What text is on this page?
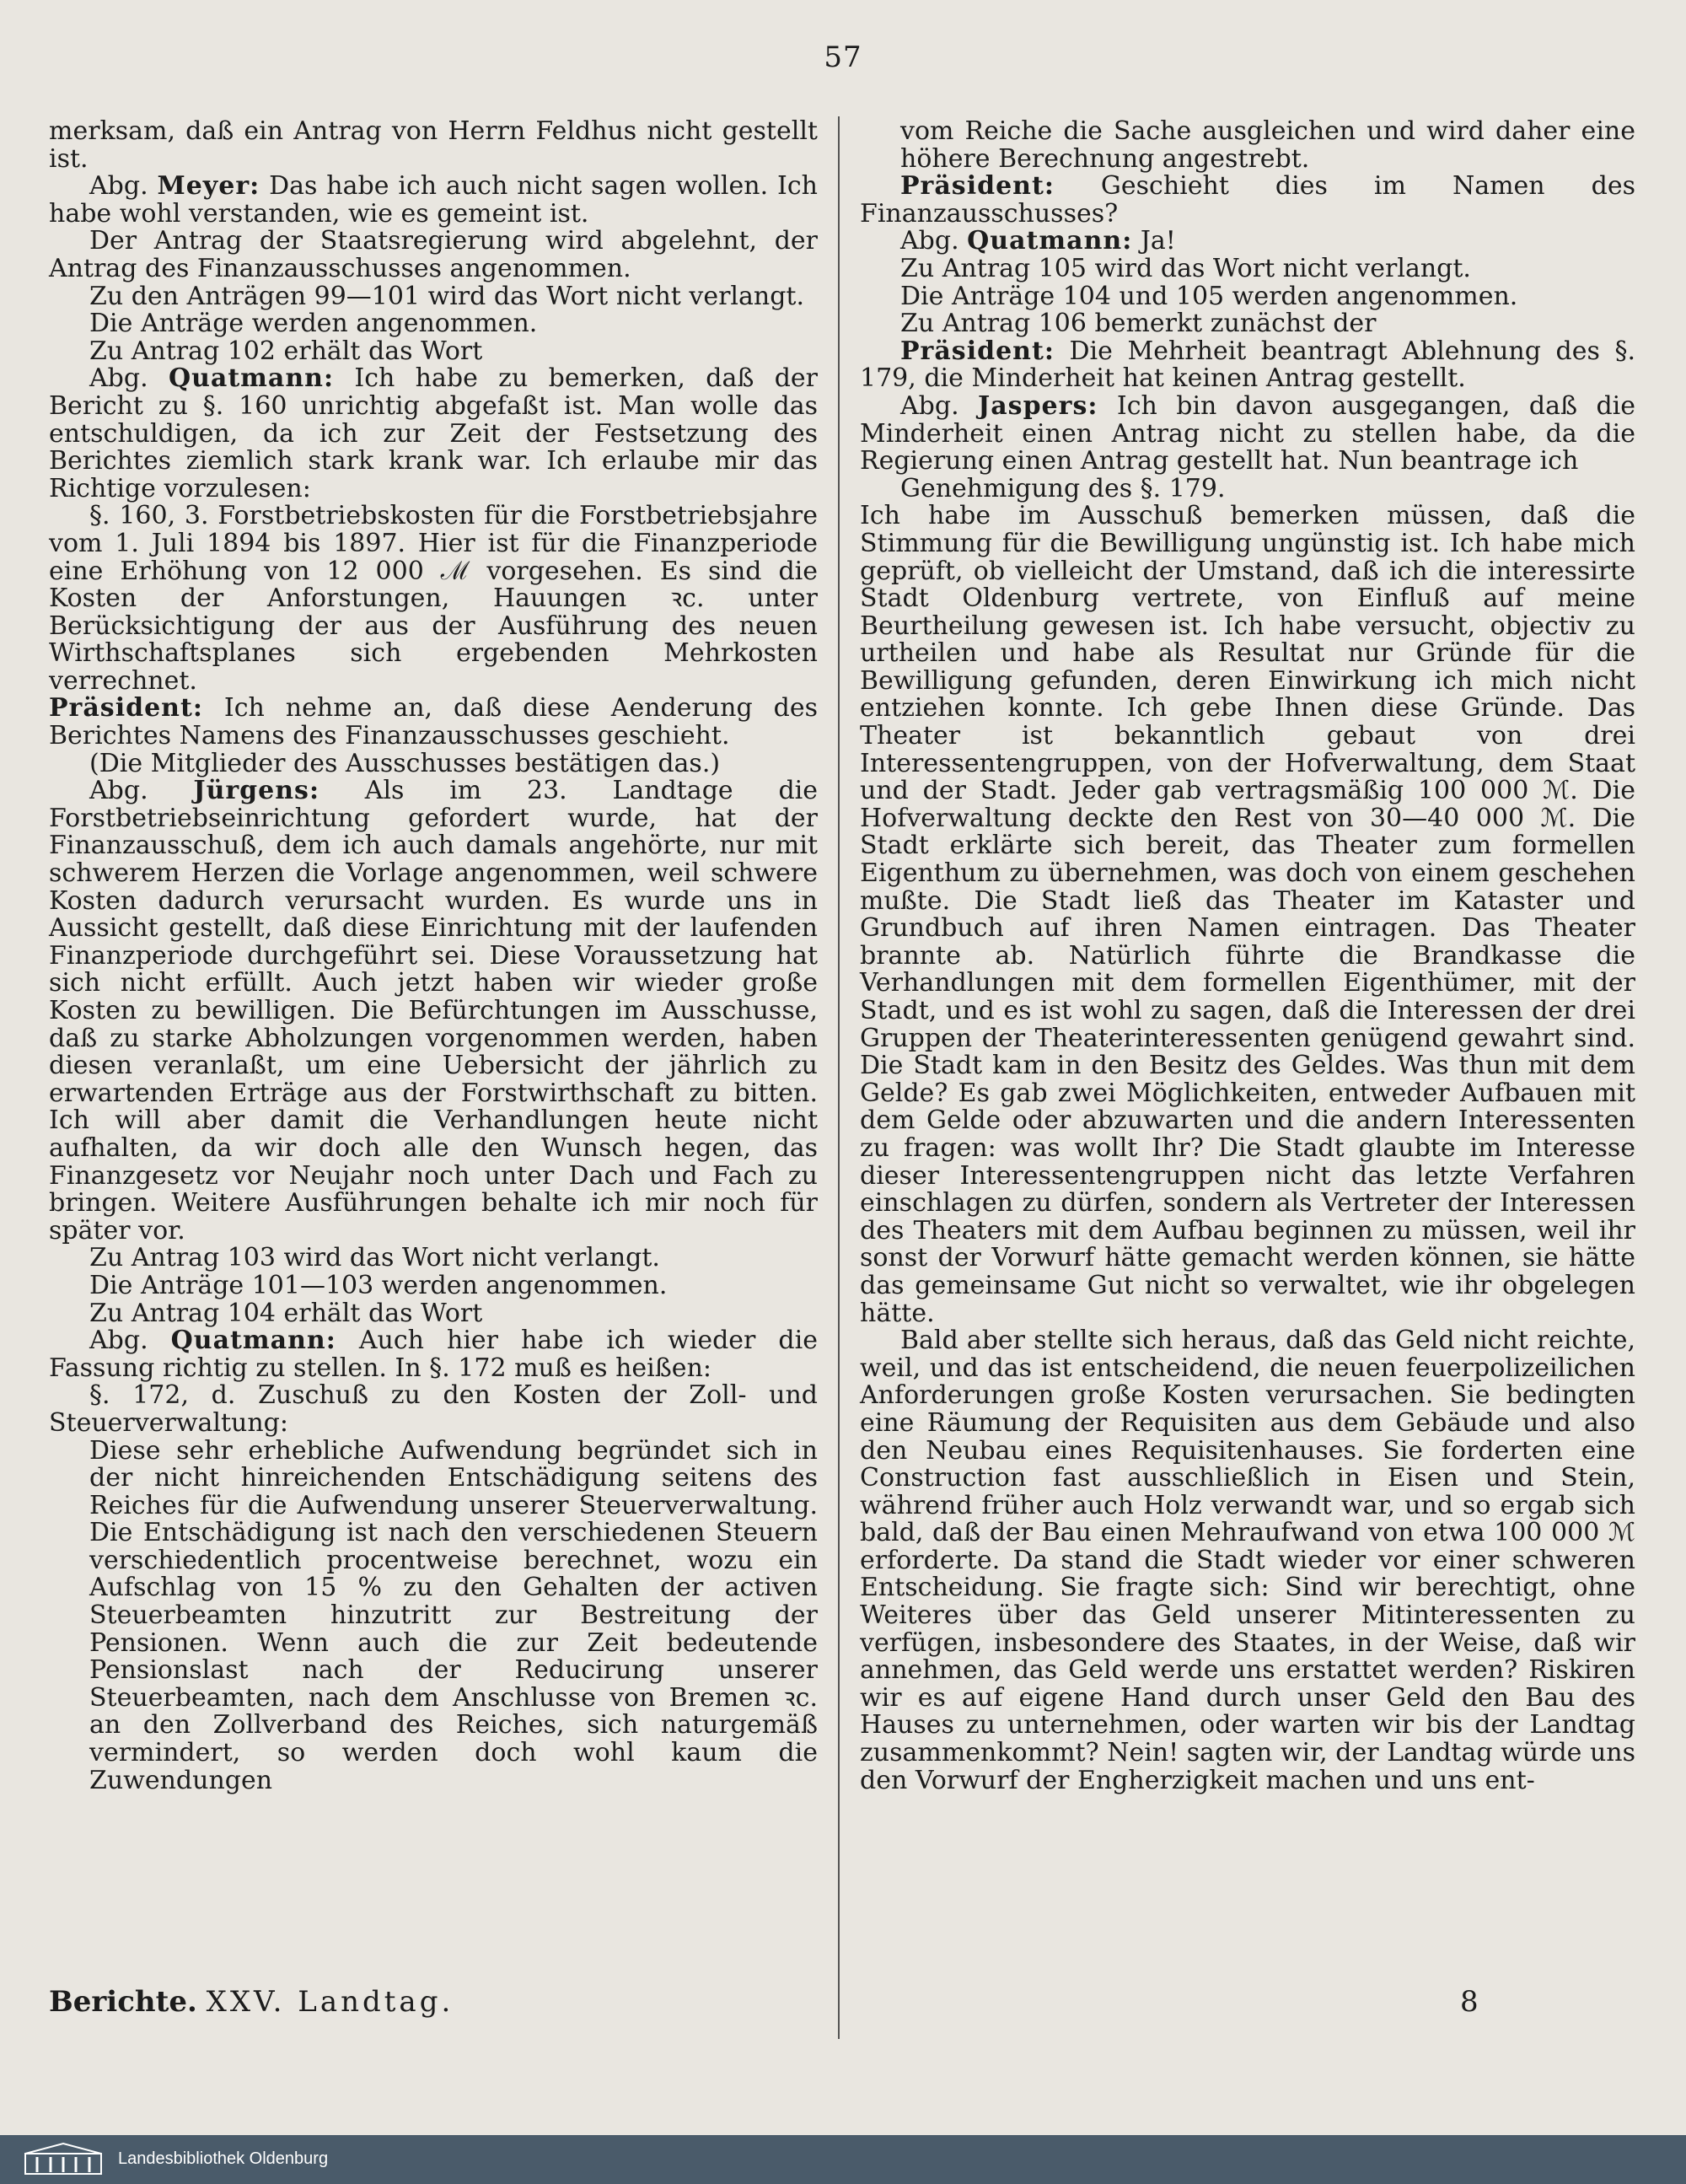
57

merksam, daß ein Antrag von Herrn Feldhus nicht gestellt ist.

Abg. Meyer: Das habe ich auch nicht sagen wollen. Ich habe wohl verstanden, wie es gemeint ist.

Der Antrag der Staatsregierung wird abgelehnt, der Antrag des Finanzausschusses angenommen.

Zu den Anträgen 99—101 wird das Wort nicht verlangt.

Die Anträge werden angenommen.

Zu Antrag 102 erhält das Wort

Abg. Quatmann: Ich habe zu bemerken, daß der Bericht zu §. 160 unrichtig abgefaßt ist. Man wolle das entschuldigen, da ich zur Zeit der Festsetzung des Berichtes ziemlich stark krank war. Ich erlaube mir das Richtige vorzulesen:

§. 160, 3. Forstbetriebskosten für die Forstbetriebsjahre vom 1. Juli 1894 bis 1897. Hier ist für die Finanzperiode eine Erhöhung von 12 000 ℳ vorgesehen. Es sind die Kosten der Anforstungen, Hauungen ꝛc. unter Berücksichtigung der aus der Ausführung des neuen Wirthschaftsplanes sich ergebenden Mehrkosten verrechnet.

Präsident: Ich nehme an, daß diese Aenderung des Berichtes Namens des Finanzausschusses geschieht.

(Die Mitglieder des Ausschusses bestätigen das.)

Abg. Jürgens: Als im 23. Landtage die Forstbetriebseinrichtung gefordert wurde, hat der Finanzausschuß, dem ich auch damals angehörte, nur mit schwerem Herzen die Vorlage angenommen, weil schwere Kosten dadurch verursacht wurden. Es wurde uns in Aussicht gestellt, daß diese Einrichtung mit der laufenden Finanzperiode durchgeführt sei. Diese Voraussetzung hat sich nicht erfüllt. Auch jetzt haben wir wieder große Kosten zu bewilligen. Die Befürchtungen im Ausschusse, daß zu starke Abholzungen vorgenommen werden, haben diesen veranlaßt, um eine Uebersicht der jährlich zu erwartenden Erträge aus der Forstwirthschaft zu bitten. Ich will aber damit die Verhandlungen heute nicht aufhalten, da wir doch alle den Wunsch hegen, das Finanzgesetz vor Neujahr noch unter Dach und Fach zu bringen. Weitere Ausführungen behalte ich mir noch für später vor.

Zu Antrag 103 wird das Wort nicht verlangt.

Die Anträge 101—103 werden angenommen.

Zu Antrag 104 erhält das Wort

Abg. Quatmann: Auch hier habe ich wieder die Fassung richtig zu stellen. In §. 172 muß es heißen:

§. 172, d. Zuschuß zu den Kosten der Zoll- und Steuerverwaltung:

Diese sehr erhebliche Aufwendung begründet sich in der nicht hinreichenden Entschädigung seitens des Reiches für die Aufwendung unserer Steuerverwaltung. Die Entschädigung ist nach den verschiedenen Steuern verschiedentlich procentweise berechnet, wozu ein Aufschlag von 15 % zu den Gehalten der activen Steuerbeamten hinzutritt zur Bestreitung der Pensionen. Wenn auch die zur Zeit bedeutende Pensionslast nach der Reducirung unserer Steuerbeamten, nach dem Anschlusse von Bremen ꝛc. an den Zollverband des Reiches, sich naturgemäß vermindert, so werden doch wohl kaum die Zuwendungen

vom Reiche die Sache ausgleichen und wird daher eine höhere Berechnung angestrebt.

Präsident: Geschieht dies im Namen des Finanzausschusses?

Abg. Quatmann: Ja!

Zu Antrag 105 wird das Wort nicht verlangt.

Die Anträge 104 und 105 werden angenommen.

Zu Antrag 106 bemerkt zunächst der

Präsident: Die Mehrheit beantragt Ablehnung des §. 179, die Minderheit hat keinen Antrag gestellt.

Abg. Jaspers: Ich bin davon ausgegangen, daß die Minderheit einen Antrag nicht zu stellen habe, da die Regierung einen Antrag gestellt hat. Nun beantrage ich

Genehmigung des §. 179.

Ich habe im Ausschuß bemerken müssen, daß die Stimmung für die Bewilligung ungünstig ist. Ich habe mich geprüft, ob vielleicht der Umstand, daß ich die interessirte Stadt Oldenburg vertrete, von Einfluß auf meine Beurtheilung gewesen ist. Ich habe versucht, objectiv zu urtheilen und habe als Resultat nur Gründe für die Bewilligung gefunden, deren Einwirkung ich mich nicht entziehen konnte. Ich gebe Ihnen diese Gründe. Das Theater ist bekanntlich gebaut von drei Interessentengruppen, von der Hofverwaltung, dem Staat und der Stadt. Jeder gab vertragsmäßig 100 000 ℳ. Die Hofverwaltung deckte den Rest von 30—40 000 ℳ. Die Stadt erklärte sich bereit, das Theater zum formellen Eigenthum zu übernehmen, was doch von einem geschehen mußte. Die Stadt ließ das Theater im Kataster und Grundbuch auf ihren Namen eintragen. Das Theater brannte ab. Natürlich führte die Brandkasse die Verhandlungen mit dem formellen Eigenthümer, mit der Stadt, und es ist wohl zu sagen, daß die Interessen der drei Gruppen der Theaterinteressenten genügend gewahrt sind. Die Stadt kam in den Besitz des Geldes. Was thun mit dem Gelde? Es gab zwei Möglichkeiten, entweder Aufbauen mit dem Gelde oder abzuwarten und die andern Interessenten zu fragen: was wollt Ihr? Die Stadt glaubte im Interesse dieser Interessentengruppen nicht das letzte Verfahren einschlagen zu dürfen, sondern als Vertreter der Interessen des Theaters mit dem Aufbau beginnen zu müssen, weil ihr sonst der Vorwurf hätte gemacht werden können, sie hätte das gemeinsame Gut nicht so verwaltet, wie ihr obgelegen hätte.

Bald aber stellte sich heraus, daß das Geld nicht reichte, weil, und das ist entscheidend, die neuen feuerpolizeilichen Anforderungen große Kosten verursachen. Sie bedingten eine Räumung der Requisiten aus dem Gebäude und also den Neubau eines Requisitenhauses. Sie forderten eine Construction fast ausschließlich in Eisen und Stein, während früher auch Holz verwandt war, und so ergab sich bald, daß der Bau einen Mehraufwand von etwa 100 000 ℳ erforderte. Da stand die Stadt wieder vor einer schweren Entscheidung. Sie fragte sich: Sind wir berechtigt, ohne Weiteres über das Geld unserer Mitinteressenten zu verfügen, insbesondere des Staates, in der Weise, daß wir annehmen, das Geld werde uns erstattet werden? Riskiren wir es auf eigene Hand durch unser Geld den Bau des Hauses zu unternehmen, oder warten wir bis der Landtag zusammenkommt? Nein! sagten wir, der Landtag würde uns den Vorwurf der Engherzigkeit machen und uns ent-

Berichte. XXV. Landtag.	8
Landesbibliothek Oldenburg
